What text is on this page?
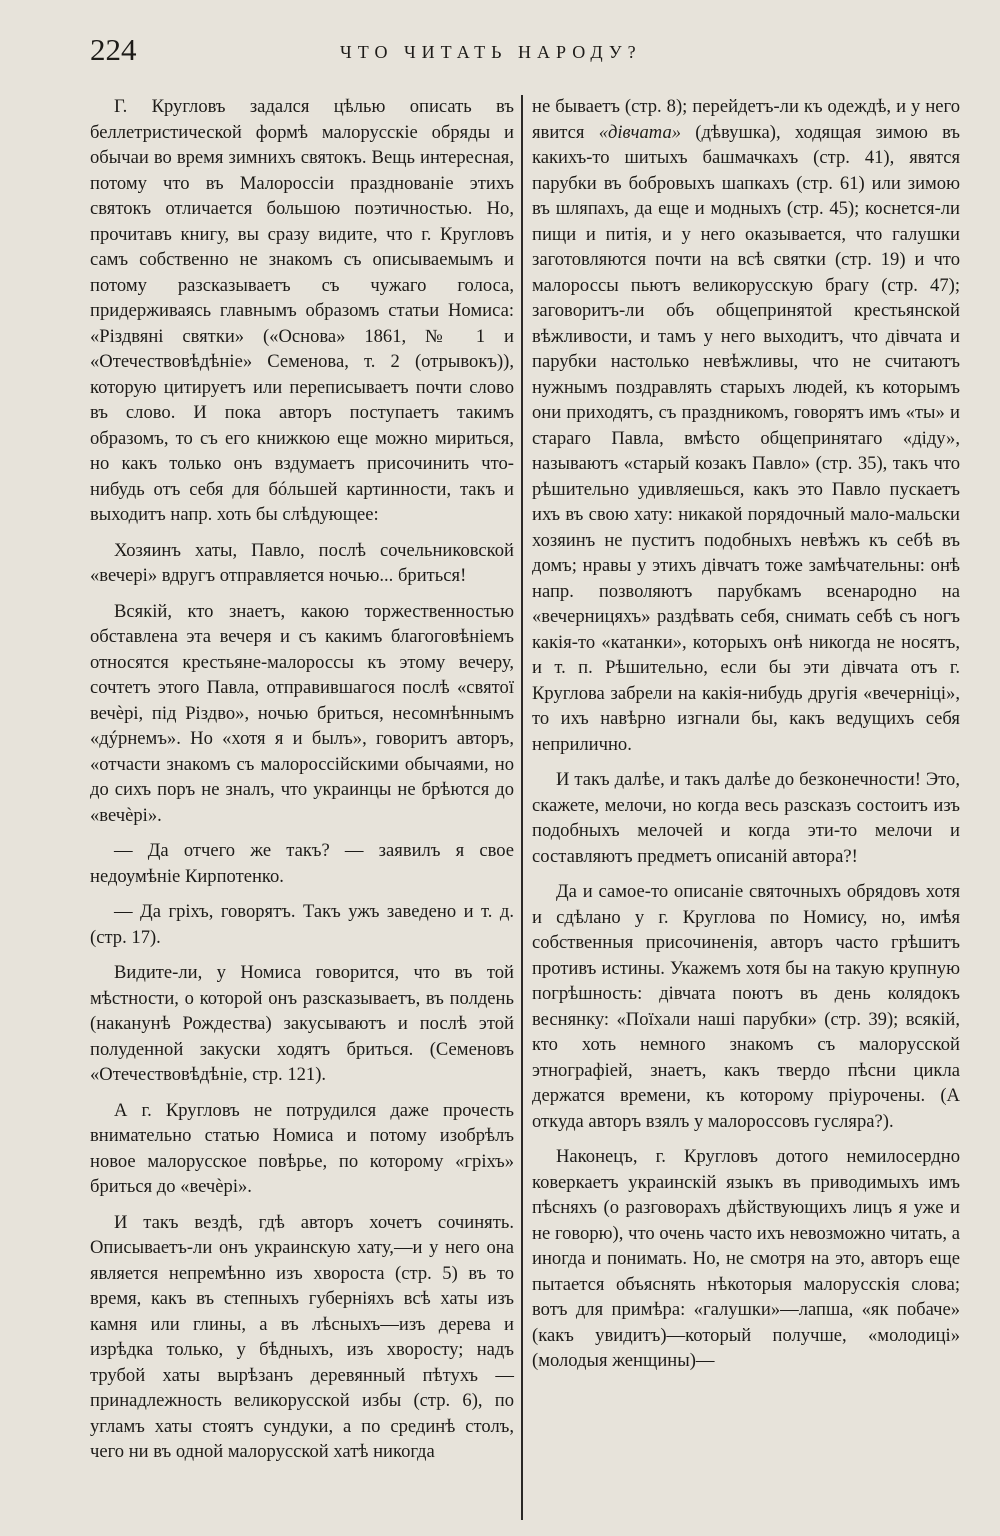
224	ЧТО ЧИТАТЬ НАРОДУ?

Г. Кругловъ задался цѣлью описать въ беллетристической формѣ малорусскіе обряды и обычаи во время зимнихъ святокъ. Вещь интересная, потому что въ Малороссіи празднованіе этихъ святокъ отличается большою поэтичностью. Но, прочитавъ книгу, вы сразу видите, что г. Кругловъ самъ собственно не знакомъ съ описываемымъ и потому разсказываетъ съ чужаго голоса, придерживаясь главнымъ образомъ статьи Номиса: «Різдвяні святки» («Основа» 1861, № 1 и «Отечествовѣдѣніе» Семенова, т. 2 (отрывокъ)), которую цитируетъ или переписываетъ почти слово въ слово. И пока авторъ поступаетъ такимъ образомъ, то съ его книжкою еще можно мириться, но какъ только онъ вздумаетъ присочинить что-нибудь отъ себя для бóльшей картинности, такъ и выходитъ напр. хоть бы слѣдующее:

Хозяинъ хаты, Павло, послѣ сочельниковской «вечері» вдругъ отправляется ночью... бриться!

Всякій, кто знаетъ, какою торжественностью обставлена эта вечеря и съ какимъ благоговѣніемъ относятся крестьяне-малороссы къ этому вечеру, сочтетъ этого Павла, отправившагося послѣ «святої вечèрі, під Різдво», ночью бриться, несомнѣннымъ «дýрнемъ». Но «хотя я и былъ», говоритъ авторъ, «отчасти знакомъ съ малороссійскими обычаями, но до сихъ поръ не зналъ, что украинцы не брѣются до «вечèрі».

— Да отчего же такъ? — заявилъ я свое недоумѣніе Кирпотенко.

— Да гріхъ, говорятъ. Такъ ужъ заведено и т. д. (стр. 17).

Видите-ли, у Номиса говорится, что въ той мѣстности, о которой онъ разсказываетъ, въ полдень (наканунѣ Рождества) закусываютъ и послѣ этой полуденной закуски ходятъ бриться. (Семеновъ «Отечествовѣдѣніе, стр. 121).

А г. Кругловъ не потрудился даже прочесть внимательно статью Номиса и потому изобрѣлъ новое малорусское повѣрье, по которому «гріхъ» бриться до «вечèрі».

И такъ вездѣ, гдѣ авторъ хочетъ сочинять. Описываетъ-ли онъ украинскую хату,—и у него она является непремѣнно изъ хвороста (стр. 5) въ то время, какъ въ степныхъ губерніяхъ всѣ хаты изъ камня или глины, а въ лѣсныхъ—изъ дерева и изрѣдка только, у бѣдныхъ, изъ хворосту; надъ трубой хаты вырѣзанъ деревянный пѣтухъ — принадлежность великорусской избы (стр. 6), по угламъ хаты стоятъ сундуки, а по срединѣ столъ, чего ни въ одной малорусской хатѣ никогда

не бываетъ (стр. 8); перейдетъ-ли къ одеждѣ, и у него явится «дівчата» (дѣвушка), ходящая зимою въ какихъ-то шитыхъ башмачкахъ (стр. 41), явятся парубки въ бобровыхъ шапкахъ (стр. 61) или зимою въ шляпахъ, да еще и модныхъ (стр. 45); коснется-ли пищи и питія, и у него оказывается, что галушки заготовляются почти на всѣ святки (стр. 19) и что малороссы пьютъ великорусскую брагу (стр. 47); заговоритъ-ли объ общепринятой крестьянской вѣжливости, и тамъ у него выходитъ, что дівчата и парубки настолько невѣжливы, что не считаютъ нужнымъ поздравлять старыхъ людей, къ которымъ они приходятъ, съ праздникомъ, говорятъ имъ «ты» и стараго Павла, вмѣсто общепринятаго «діду», называютъ «старый козакъ Павло» (стр. 35), такъ что рѣшительно удивляешься, какъ это Павло пускаетъ ихъ въ свою хату: никакой порядочный мало-мальски хозяинъ не пуститъ подобныхъ невѣжъ къ себѣ въ домъ; нравы у этихъ дівчатъ тоже замѣчательны: онѣ напр. позволяютъ парубкамъ всенародно на «вечерницяхъ» раздѣвать себя, снимать себѣ съ ногъ какія-то «катанки», которыхъ онѣ никогда не носятъ, и т. п. Рѣшительно, если бы эти дівчата отъ г. Круглова забрели на какія-нибудь другія «вечерніці», то ихъ навѣрно изгнали бы, какъ ведущихъ себя неприлично.

И такъ далѣе, и такъ далѣе до безконечности! Это, скажете, мелочи, но когда весь разсказъ состоитъ изъ подобныхъ мелочей и когда эти-то мелочи и составляютъ предметъ описаній автора?!

Да и самое-то описаніе святочныхъ обрядовъ хотя и сдѣлано у г. Круглова по Номису, но, имѣя собственныя присочиненія, авторъ часто грѣшитъ противъ истины. Укажемъ хотя бы на такую крупную погрѣшность: дівчата поютъ въ день колядокъ веснянку: «Поїхали наші парубки» (стр. 39); всякій, кто хоть немного знакомъ съ малорусской этнографіей, знаетъ, какъ твердо пѣсни цикла держатся времени, къ которому пріурочены. (А откуда авторъ взялъ у малороссовъ гусляра?).

Наконецъ, г. Кругловъ дотого немилосердно коверкаетъ украинскій языкъ въ приводимыхъ имъ пѣсняхъ (о разговорахъ дѣйствующихъ лицъ я уже и не говорю), что очень часто ихъ невозможно читать, а иногда и понимать. Но, не смотря на это, авторъ еще пытается объяснять нѣкоторыя малорусскія слова; вотъ для примѣра: «галушки»—лапша, «як побаче» (какъ увидитъ)—который получше, «молодиці» (молодыя женщины)—
